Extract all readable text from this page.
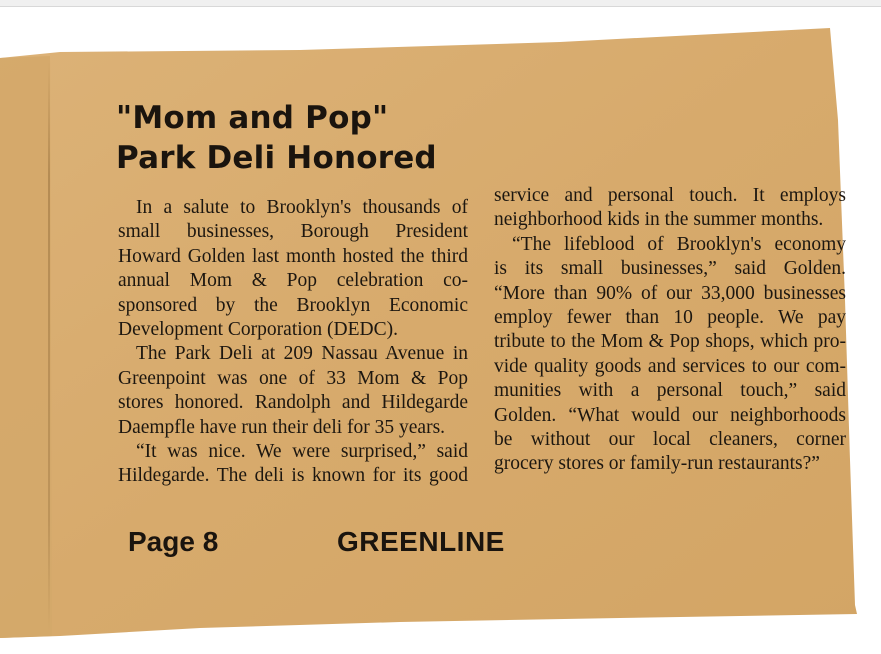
"Mom and Pop"
Park Deli Honored
In a salute to Brooklyn's thousands of
small businesses, Borough President
Howard Golden last month hosted the third
annual Mom & Pop celebration co-
sponsored by the Brooklyn Economic
Development Corporation (DEDC).
The Park Deli at 209 Nassau Avenue in
Greenpoint was one of 33 Mom & Pop
stores honored. Randolph and Hildegarde
Daempfle have run their deli for 35 years.
“It was nice. We were surprised,” said
Hildegarde. The deli is known for its good
service and personal touch. It employs
neighborhood kids in the summer months.
“The lifeblood of Brooklyn's economy
is its small businesses,” said Golden.
“More than 90% of our 33,000 businesses
employ fewer than 10 people. We pay
tribute to the Mom & Pop shops, which pro-
vide quality goods and services to our com-
munities with a personal touch,” said
Golden. “What would our neighborhoods
be without our local cleaners, corner
grocery stores or family-run restaurants?”
Page 8	GREENLINE
